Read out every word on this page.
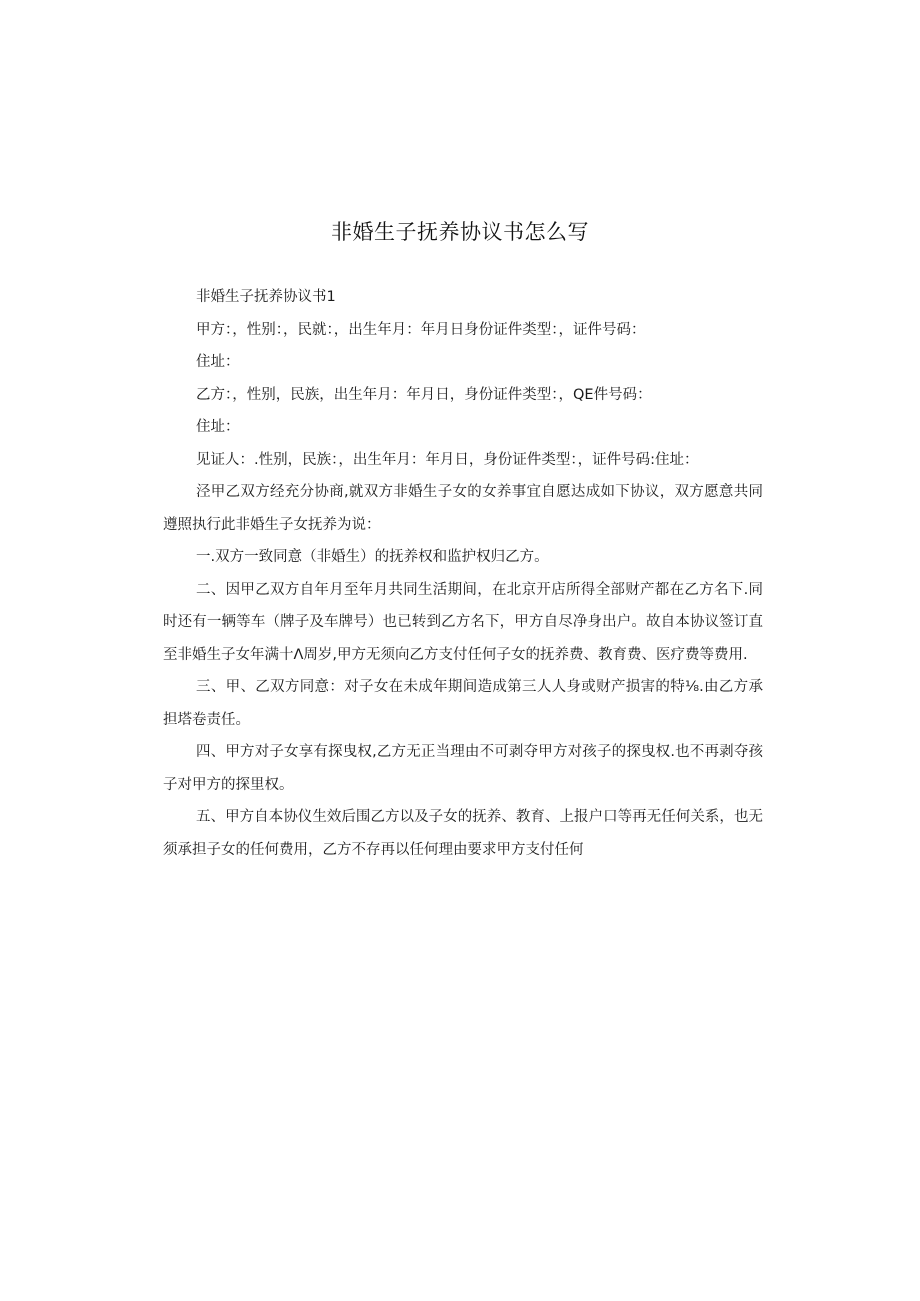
非婚生子抚养协议书怎么写

非婚生子抚养协议书1

甲方：，性别：，民就：，出生年月：年月日身份证件类型：，证件号码：

住址：

乙方：，性别，民族，出生年月：年月日，身份证件类型：，QE件号码：

住址：

见证人：.性别，民族：，出生年月：年月日，身份证件类型：，证件号码:住址：

泾甲乙双方经充分协商,就双方非婚生子女的女养事宜自愿达成如下协议，双方愿意共同遵照执行此非婚生子女抚养为说：

一.双方一致同意（非婚生）的抚养权和监护权归乙方。

二、因甲乙双方自年月至年月共同生活期间，在北京开店所得全部财产都在乙方名下.同时还有一辆等车（牌子及车牌号）也已转到乙方名下，甲方自尽净身出户。故自本协议签订直至非婚生子女年满十Λ周岁,甲方无须向乙方支付任何子女的抚养费、教育费、医疗费等费用.

三、甲、乙双方同意：对子女在未成年期间造成第三人人身或财产损害的特⅛.由乙方承担塔卷责任。

四、甲方对子女享有探曳权,乙方无正当理由不可剥夺甲方对孩子的探曳权.也不再剥夺孩子对甲方的探里权。

五、甲方自本协仪生效后围乙方以及子女的抚养、教育、上报户口等再无任何关系，也无须承担子女的任何费用，乙方不存再以任何理由要求甲方支付任何
